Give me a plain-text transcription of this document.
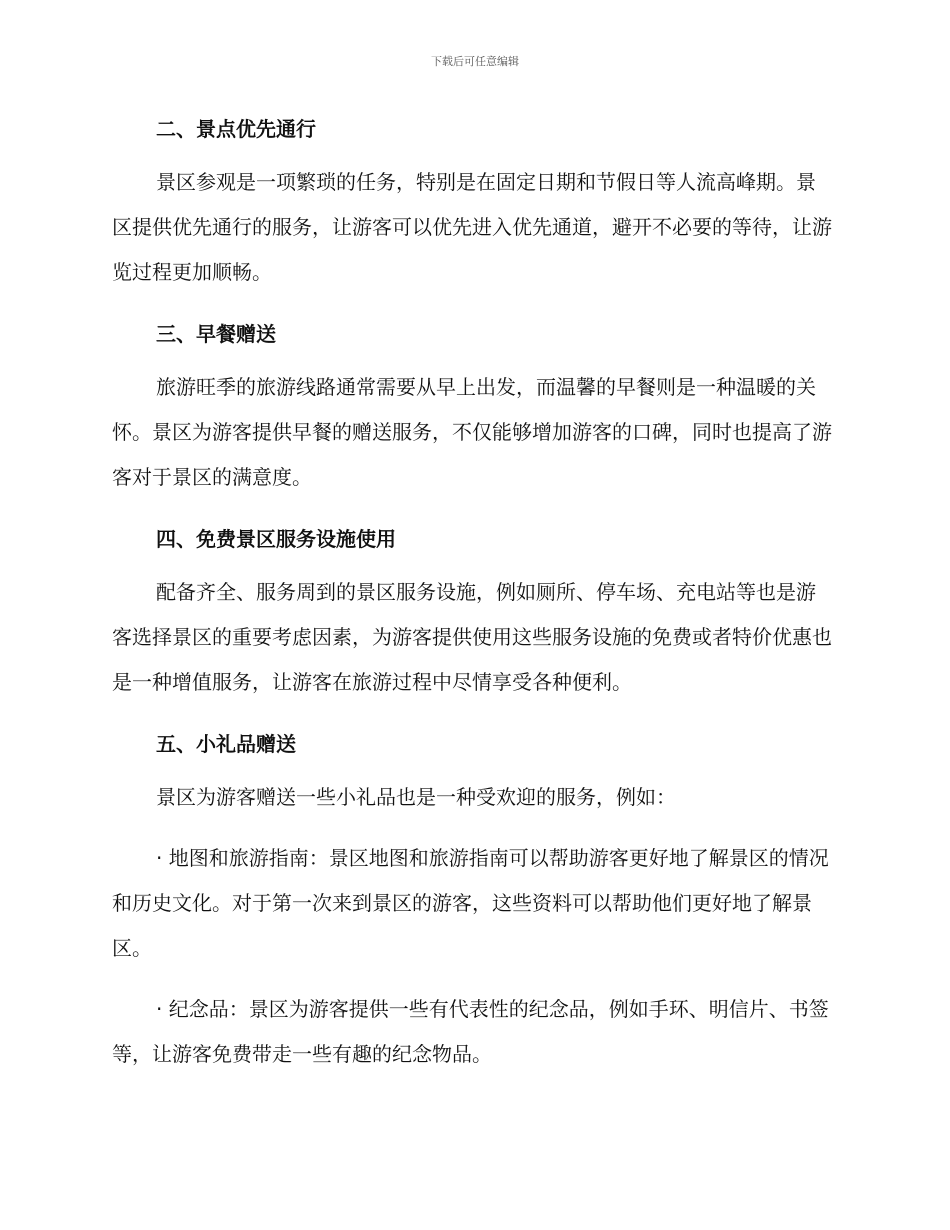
下载后可任意编辑
二、景点优先通行

景区参观是一项繁琐的任务，特别是在固定日期和节假日等人流高峰期。景区提供优先通行的服务，让游客可以优先进入优先通道，避开不必要的等待，让游览过程更加顺畅。

三、早餐赠送

旅游旺季的旅游线路通常需要从早上出发，而温馨的早餐则是一种温暖的关怀。景区为游客提供早餐的赠送服务，不仅能够增加游客的口碑，同时也提高了游客对于景区的满意度。

四、免费景区服务设施使用

配备齐全、服务周到的景区服务设施，例如厕所、停车场、充电站等也是游客选择景区的重要考虑因素，为游客提供使用这些服务设施的免费或者特价优惠也是一种增值服务，让游客在旅游过程中尽情享受各种便利。

五、小礼品赠送

景区为游客赠送一些小礼品也是一种受欢迎的服务，例如：

· 地图和旅游指南：景区地图和旅游指南可以帮助游客更好地了解景区的情况和历史文化。对于第一次来到景区的游客，这些资料可以帮助他们更好地了解景区。

· 纪念品：景区为游客提供一些有代表性的纪念品，例如手环、明信片、书签等，让游客免费带走一些有趣的纪念物品。
